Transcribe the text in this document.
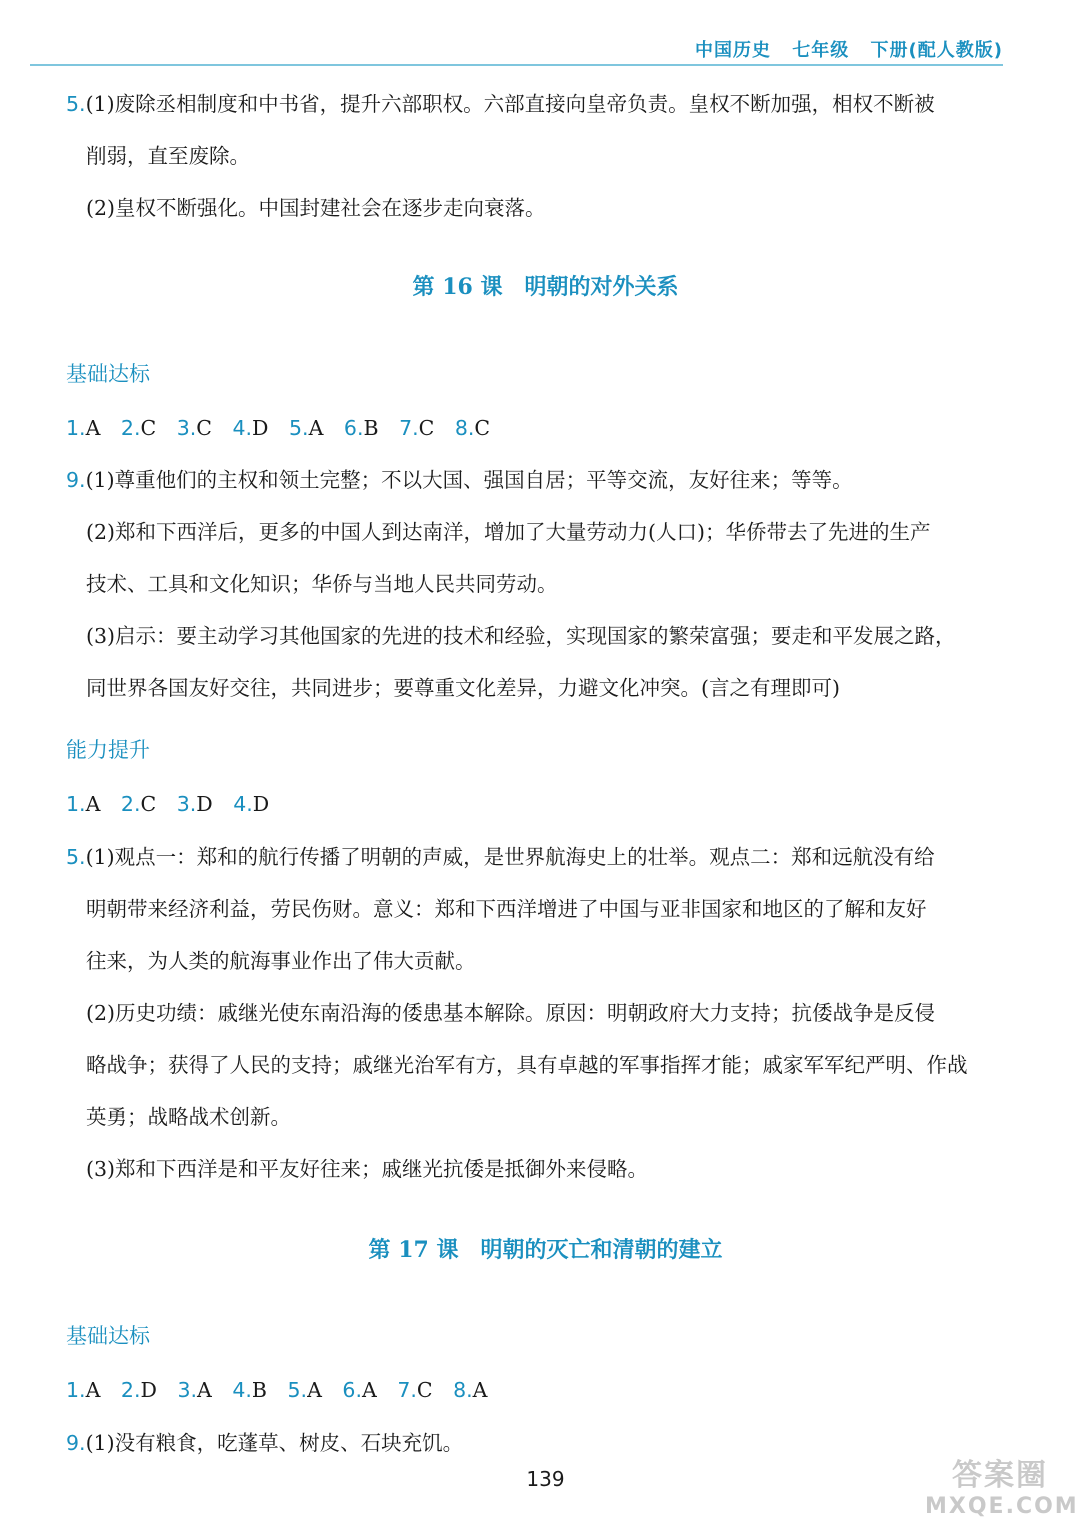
中国历史 七年级 下册(配人教版)
5.(1)废除丞相制度和中书省，提升六部职权。六部直接向皇帝负责。皇权不断加强，相权不断被
削弱，直至废除。
(2)皇权不断强化。中国封建社会在逐步走向衰落。
第 16 课　明朝的对外关系
基础达标
1.A 2.C 3.C 4.D 5.A 6.B 7.C 8.C
9.(1)尊重他们的主权和领土完整；不以大国、强国自居；平等交流，友好往来；等等。
(2)郑和下西洋后，更多的中国人到达南洋，增加了大量劳动力(人口)；华侨带去了先进的生产
技术、工具和文化知识；华侨与当地人民共同劳动。
(3)启示：要主动学习其他国家的先进的技术和经验，实现国家的繁荣富强；要走和平发展之路，
同世界各国友好交往，共同进步；要尊重文化差异，力避文化冲突。(言之有理即可)
能力提升
1.A 2.C 3.D 4.D
5.(1)观点一：郑和的航行传播了明朝的声威，是世界航海史上的壮举。观点二：郑和远航没有给
明朝带来经济利益，劳民伤财。意义：郑和下西洋增进了中国与亚非国家和地区的了解和友好
往来，为人类的航海事业作出了伟大贡献。
(2)历史功绩：戚继光使东南沿海的倭患基本解除。原因：明朝政府大力支持；抗倭战争是反侵
略战争；获得了人民的支持；戚继光治军有方，具有卓越的军事指挥才能；戚家军军纪严明、作战
英勇；战略战术创新。
(3)郑和下西洋是和平友好往来；戚继光抗倭是抵御外来侵略。
第 17 课　明朝的灭亡和清朝的建立
基础达标
1.A 2.D 3.A 4.B 5.A 6.A 7.C 8.A
9.(1)没有粮食，吃蓬草、树皮、石块充饥。
139	答案圈
MXQE.COM
